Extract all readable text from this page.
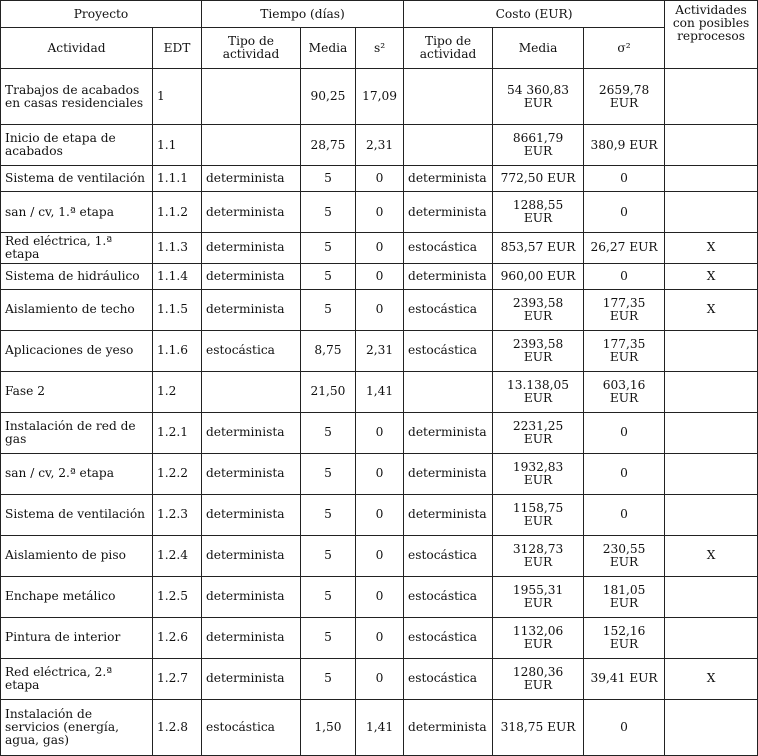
Proyecto		Tiempo (días)			Costo (EUR)			Actividades con posibles reprocesos
Actividad	EDT	Tipo de actividad	Media	s²	Tipo de actividad	Media	σ²	
Trabajos de acabados en casas residenciales	1		90,25	17,09		54 360,83 EUR	2659,78 EUR	
Inicio de etapa de acabados	1.1		28,75	2,31		8661,79 EUR	380,9 EUR	
Sistema de ventilación	1.1.1	determinista	5	0	determinista	772,50 EUR	0	
san / cv, 1.ª etapa	1.1.2	determinista	5	0	determinista	1288,55 EUR	0	
Red eléctrica, 1.ª etapa	1.1.3	determinista	5	0	estocástica	853,57 EUR	26,27 EUR	X
Sistema de hidráulico	1.1.4	determinista	5	0	determinista	960,00 EUR	0	X
Aislamiento de techo	1.1.5	determinista	5	0	estocástica	2393,58 EUR	177,35 EUR	X
Aplicaciones de yeso	1.1.6	estocástica	8,75	2,31	estocástica	2393,58 EUR	177,35 EUR	
Fase 2	1.2		21,50	1,41		13.138,05 EUR	603,16 EUR	
Instalación de red de gas	1.2.1	determinista	5	0	determinista	2231,25 EUR	0	
san / cv, 2.ª etapa	1.2.2	determinista	5	0	determinista	1932,83 EUR	0	
Sistema de ventilación	1.2.3	determinista	5	0	determinista	1158,75 EUR	0	
Aislamiento de piso	1.2.4	determinista	5	0	estocástica	3128,73 EUR	230,55 EUR	X
Enchape metálico	1.2.5	determinista	5	0	estocástica	1955,31 EUR	181,05 EUR	
Pintura de interior	1.2.6	determinista	5	0	estocástica	1132,06 EUR	152,16 EUR	
Red eléctrica, 2.ª etapa	1.2.7	determinista	5	0	estocástica	1280,36 EUR	39,41 EUR	X
Instalación de servicios (energía, agua, gas)	1.2.8	estocástica	1,50	1,41	determinista	318,75 EUR	0	
